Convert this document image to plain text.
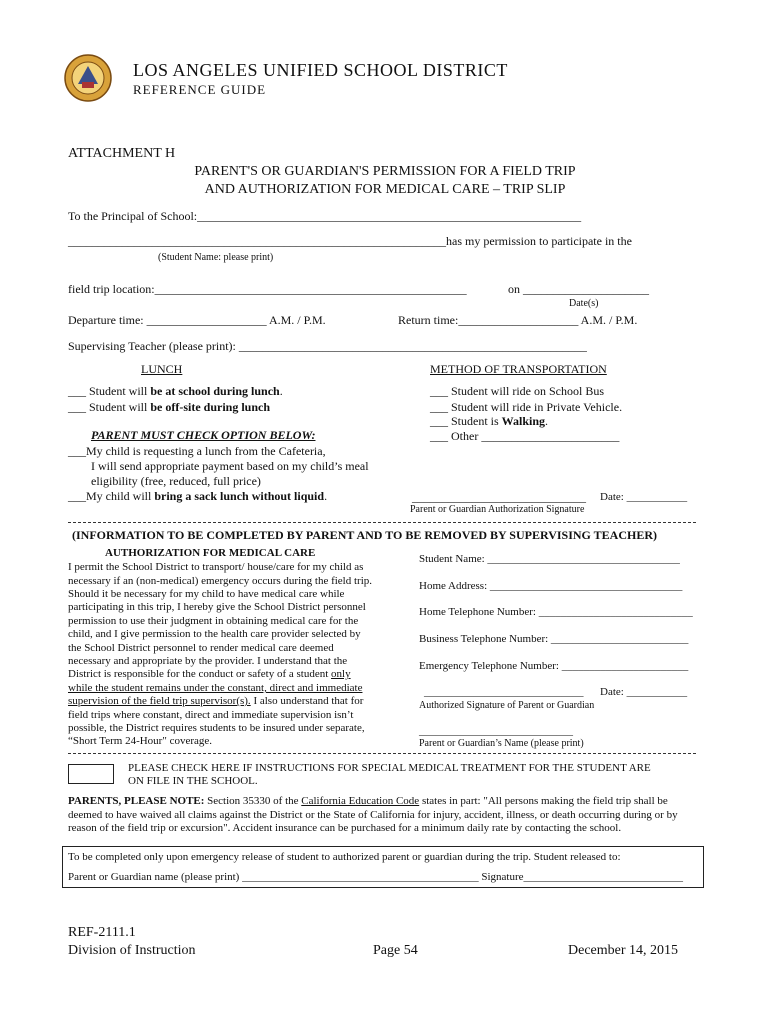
LOS ANGELES UNIFIED SCHOOL DISTRICT
REFERENCE GUIDE
ATTACHMENT H
PARENT'S OR GUARDIAN'S PERMISSION FOR A FIELD TRIP
AND AUTHORIZATION FOR MEDICAL CARE – TRIP SLIP
To the Principal of School:________________________________________________________________
_______________________________________________________________has my permission to participate in the
(Student Name: please print)
field trip location:____________________________________________________	on _____________________
Date(s)
Departure time: ____________________ A.M. / P.M.	Return time:____________________ A.M. / P.M.
Supervising Teacher (please print): __________________________________________________________
LUNCH
___ Student will be at school during lunch.
___ Student will be off-site during lunch
PARENT MUST CHECK OPTION BELOW:
___My child is requesting a lunch from the Cafeteria,
I will send appropriate payment based on my child’s meal
eligibility (free, reduced, full price)
___My child will bring a sack lunch without liquid.
METHOD OF TRANSPORTATION
___ Student will ride on School Bus
___ Student will ride in Private Vehicle.
___ Student is Walking.
___ Other _______________________
_____________________________ Date: ___________
Parent or Guardian Authorization Signature
(INFORMATION TO BE COMPLETED BY PARENT AND TO BE REMOVED BY SUPERVISING TEACHER)
AUTHORIZATION FOR MEDICAL CARE
I permit the School District to transport/ house/care for my child as
necessary if an (non-medical) emergency occurs during the field trip.
Should it be necessary for my child to have medical care while
participating in this trip, I hereby give the School District personnel
permission to use their judgment in obtaining medical care for the
child, and I give permission to the health care provider selected by
the School District personnel to render medical care deemed
necessary and appropriate by the provider. I understand that the
District is responsible for the conduct or safety of a student only
while the student remains under the constant, direct and immediate
supervision of the field trip supervisor(s). I also understand that for
field trips where constant, direct and immediate supervision isn’t
possible, the District requires students to be insured under separate,
“Short Term 24-Hour" coverage.
Student Name: ___________________________________
Home Address: ___________________________________
Home Telephone Number: ____________________________
Business Telephone Number: _________________________
Emergency Telephone Number: _______________________
_____________________________ Date: ___________
Authorized Signature of Parent or Guardian
____________________________
Parent or Guardian’s Name (please print)
PLEASE CHECK HERE IF INSTRUCTIONS FOR SPECIAL MEDICAL TREATMENT FOR THE STUDENT ARE
ON FILE IN THE SCHOOL.
PARENTS, PLEASE NOTE: Section 35330 of the California Education Code states in part: "All persons making the field trip shall be
deemed to have waived all claims against the District or the State of California for injury, accident, illness, or death occurring during or by
reason of the field trip or excursion". Accident insurance can be purchased for a minimum daily rate by contacting the school.
To be completed only upon emergency release of student to authorized parent or guardian during the trip. Student released to:
Parent or Guardian name (please print) ___________________________________________ Signature_____________________________
REF-2111.1
Division of Instruction	Page 54	December 14, 2015
